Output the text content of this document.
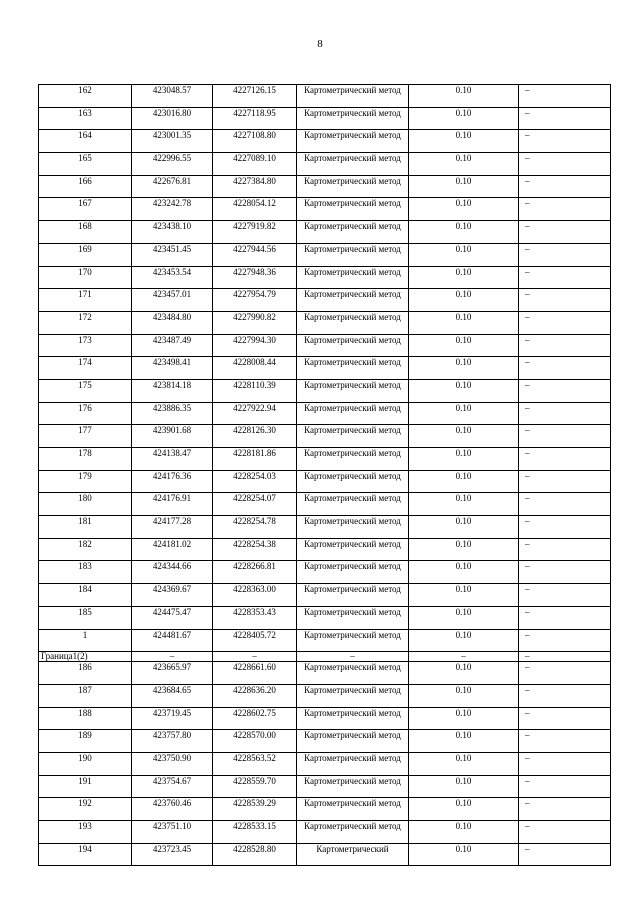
8
162	423048.57	4227126.15	Картометрический метод	0.10	–
163	423016.80	4227118.95	Картометрический метод	0.10	–
164	423001.35	4227108.80	Картометрический метод	0.10	–
165	422996.55	4227089.10	Картометрический метод	0.10	–
166	422676.81	4227384.80	Картометрический метод	0.10	–
167	423242.78	4228054.12	Картометрический метод	0.10	–
168	423438.10	4227919.82	Картометрический метод	0.10	–
169	423451.45	4227944.56	Картометрический метод	0.10	–
170	423453.54	4227948.36	Картометрический метод	0.10	–
171	423457.01	4227954.79	Картометрический метод	0.10	–
172	423484.80	4227990.82	Картометрический метод	0.10	–
173	423487.49	4227994.30	Картометрический метод	0.10	–
174	423498.41	4228008.44	Картометрический метод	0.10	–
175	423814.18	4228110.39	Картометрический метод	0.10	–
176	423886.35	4227922.94	Картометрический метод	0.10	–
177	423901.68	4228126.30	Картометрический метод	0.10	–
178	424138.47	4228181.86	Картометрический метод	0.10	–
179	424176.36	4228254.03	Картометрический метод	0.10	–
180	424176.91	4228254.07	Картометрический метод	0.10	–
181	424177.28	4228254.78	Картометрический метод	0.10	–
182	424181.02	4228254.38	Картометрический метод	0.10	–
183	424344.66	4228266.81	Картометрический метод	0.10	–
184	424369.67	4228363.00	Картометрический метод	0.10	–
185	424475.47	4228353.43	Картометрический метод	0.10	–
1	424481.67	4228405.72	Картометрический метод	0.10	–
Граница1(2)	–	–	–	–	–
186	423665.97	4228661.60	Картометрический метод	0.10	–
187	423684.65	4228636.20	Картометрический метод	0.10	–
188	423719.45	4228602.75	Картометрический метод	0.10	–
189	423757.80	4228570.00	Картометрический метод	0.10	–
190	423750.90	4228563.52	Картометрический метод	0.10	–
191	423754.67	4228559.70	Картометрический метод	0.10	–
192	423760.46	4228539.29	Картометрический метод	0.10	–
193	423751.10	4228533.15	Картометрический метод	0.10	–
194	423723.45	4228528.80	Картометрический	0.10	–
